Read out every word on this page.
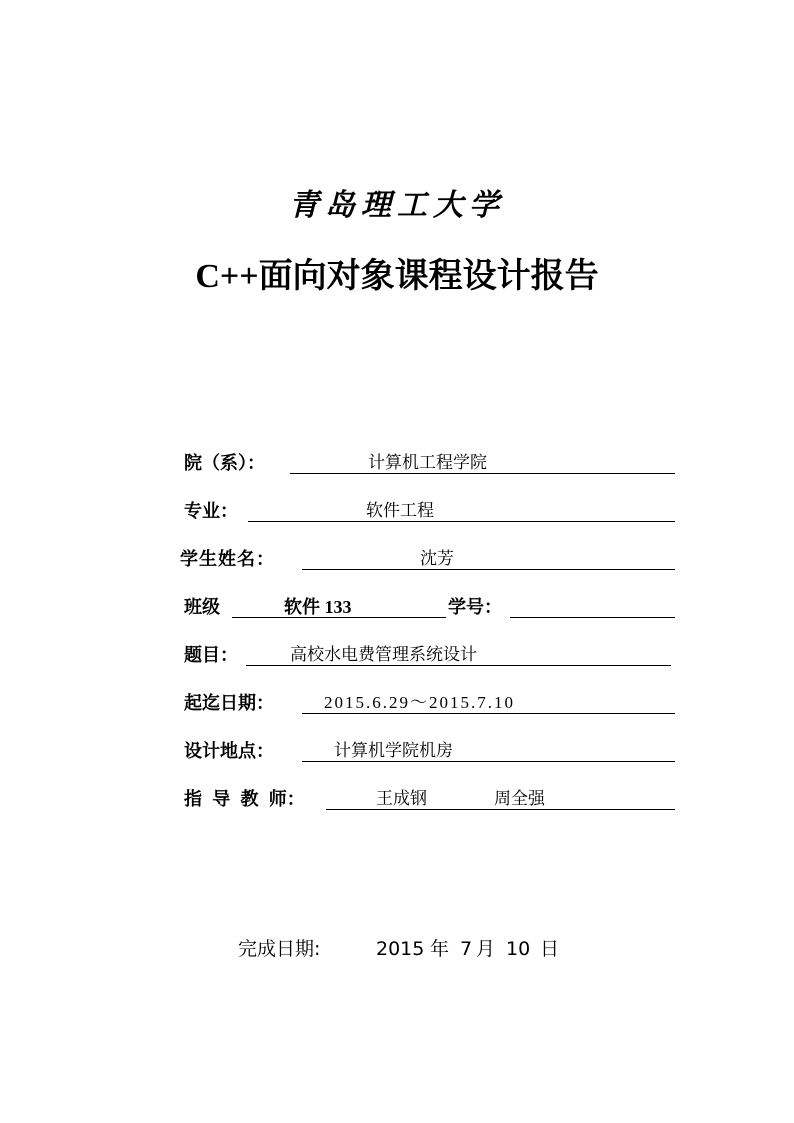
青岛理工大学
C++面向对象课程设计报告
院（系）：	计算机工程学院
专业：	软件工程
学生姓名：	沈芳
班级	软件 133	学号：
题目：	高校水电费管理系统设计
起迄日期：	2015.6.29～2015.7.10
设计地点：	计算机学院机房
指 导 教 师：	王成钢	周全强
完成日期:	2015 年 7 月 10 日
